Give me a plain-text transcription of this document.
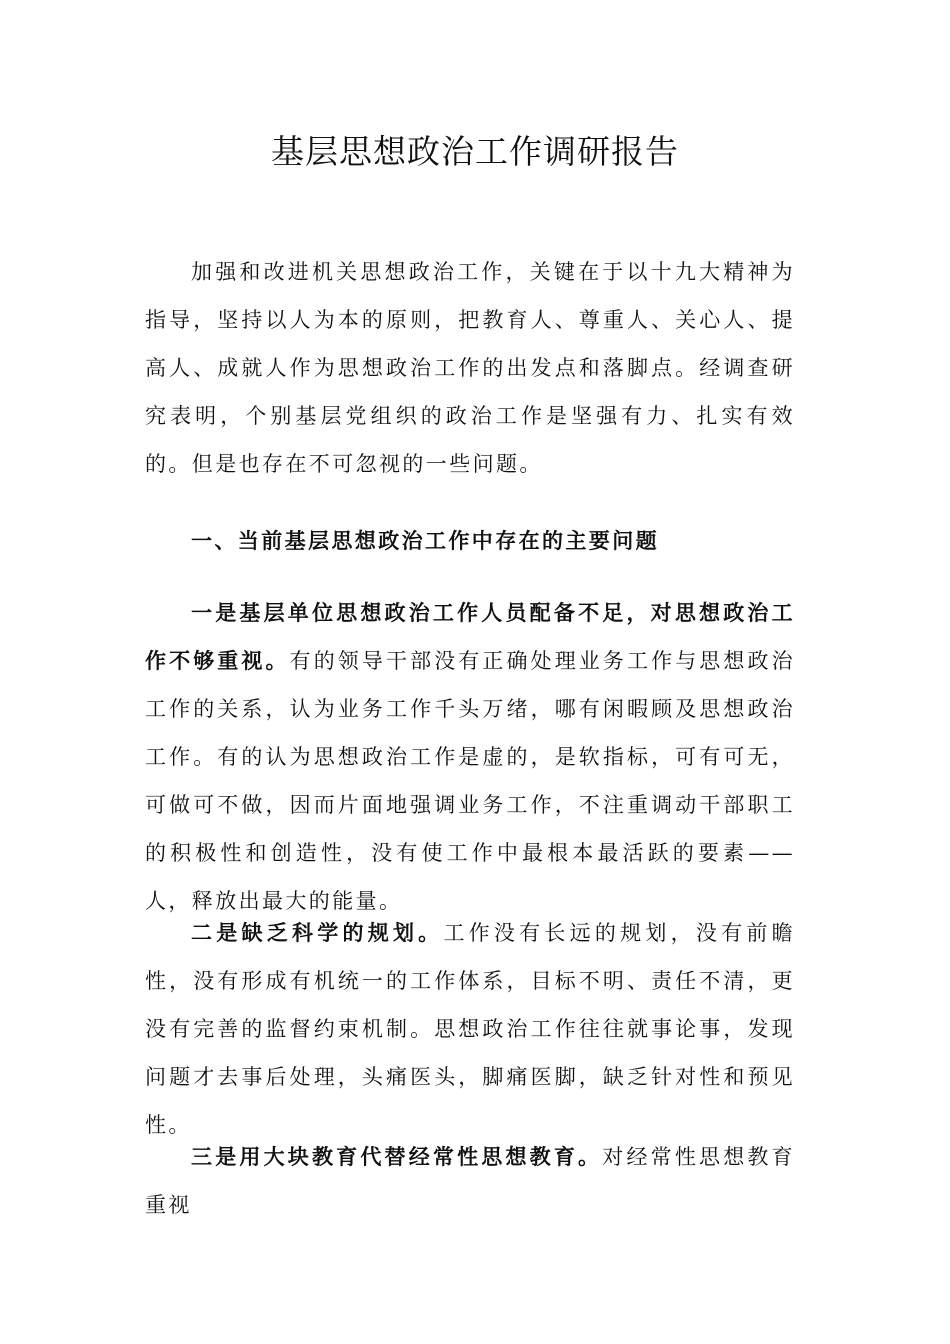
基层思想政治工作调研报告

加强和改进机关思想政治工作，关键在于以十九大精神为指导，坚持以人为本的原则，把教育人、尊重人、关心人、提高人、成就人作为思想政治工作的出发点和落脚点。经调查研究表明，个别基层党组织的政治工作是坚强有力、扎实有效的。但是也存在不可忽视的一些问题。

一、当前基层思想政治工作中存在的主要问题

一是基层单位思想政治工作人员配备不足，对思想政治工作不够重视。有的领导干部没有正确处理业务工作与思想政治工作的关系，认为业务工作千头万绪，哪有闲暇顾及思想政治工作。有的认为思想政治工作是虚的，是软指标，可有可无，可做可不做，因而片面地强调业务工作，不注重调动干部职工的积极性和创造性，没有使工作中最根本最活跃的要素——人，释放出最大的能量。

二是缺乏科学的规划。工作没有长远的规划，没有前瞻性，没有形成有机统一的工作体系，目标不明、责任不清，更没有完善的监督约束机制。思想政治工作往往就事论事，发现问题才去事后处理，头痛医头，脚痛医脚，缺乏针对性和预见性。

三是用大块教育代替经常性思想教育。对经常性思想教育重视
